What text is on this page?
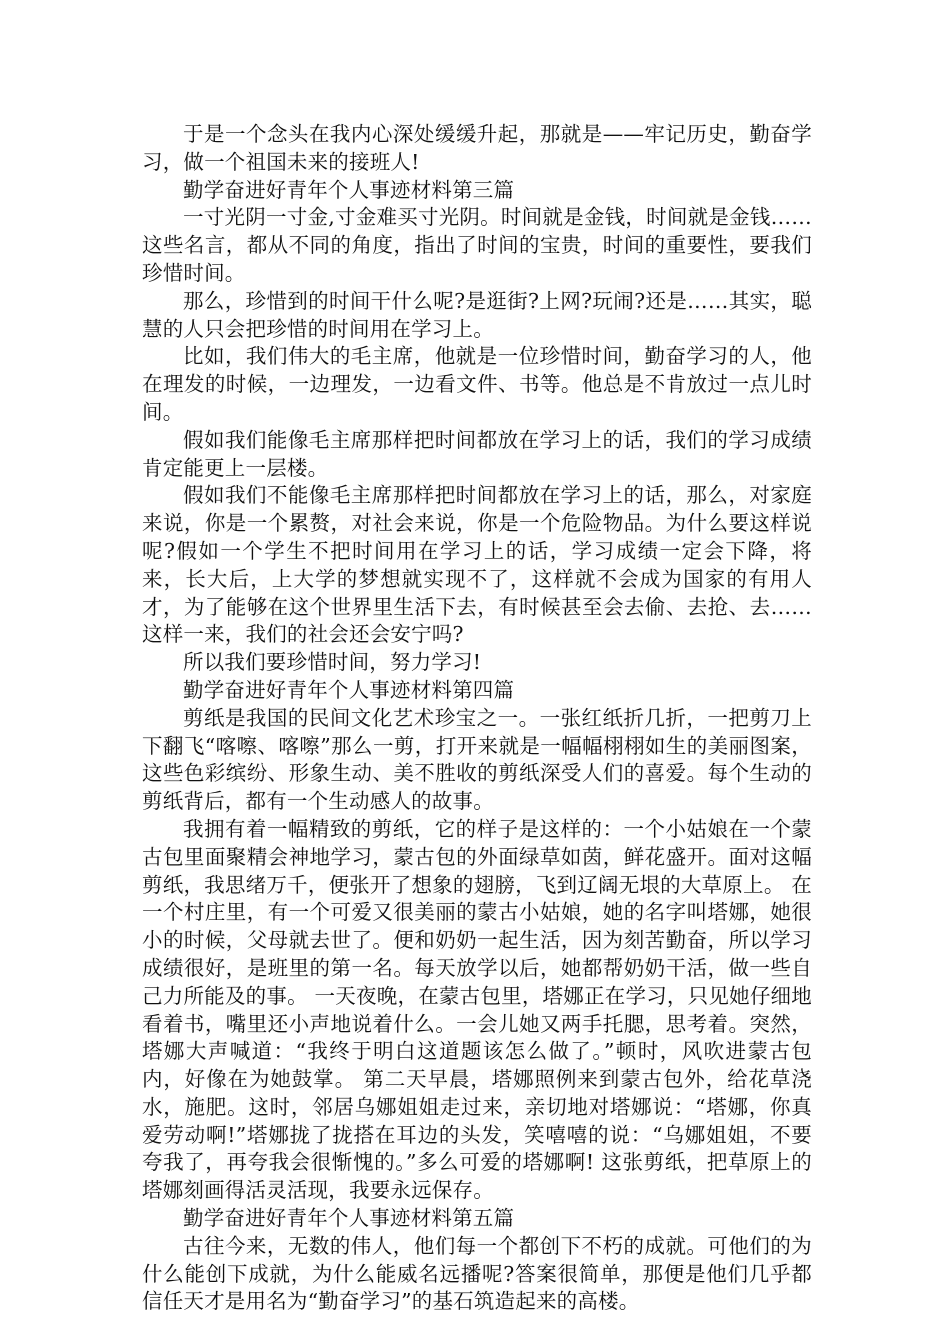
于是一个念头在我内心深处缓缓升起，那就是——牢记历史，勤奋学习，做一个祖国未来的接班人!

勤学奋进好青年个人事迹材料第三篇

一寸光阴一寸金,寸金难买寸光阴。时间就是金钱，时间就是金钱……这些名言，都从不同的角度，指出了时间的宝贵，时间的重要性，要我们珍惜时间。

那么，珍惜到的时间干什么呢?是逛街?上网?玩闹?还是……其实，聪慧的人只会把珍惜的时间用在学习上。

比如，我们伟大的毛主席，他就是一位珍惜时间，勤奋学习的人，他在理发的时候，一边理发，一边看文件、书等。他总是不肯放过一点儿时间。

假如我们能像毛主席那样把时间都放在学习上的话，我们的学习成绩肯定能更上一层楼。

假如我们不能像毛主席那样把时间都放在学习上的话，那么，对家庭来说，你是一个累赘，对社会来说，你是一个危险物品。为什么要这样说呢?假如一个学生不把时间用在学习上的话，学习成绩一定会下降，将来，长大后，上大学的梦想就实现不了，这样就不会成为国家的有用人才，为了能够在这个世界里生活下去，有时候甚至会去偷、去抢、去……这样一来，我们的社会还会安宁吗?

所以我们要珍惜时间，努力学习!

勤学奋进好青年个人事迹材料第四篇

剪纸是我国的民间文化艺术珍宝之一。一张红纸折几折，一把剪刀上下翻飞“喀嚓、喀嚓”那么一剪，打开来就是一幅幅栩栩如生的美丽图案，这些色彩缤纷、形象生动、美不胜收的剪纸深受人们的喜爱。每个生动的剪纸背后，都有一个生动感人的故事。

我拥有着一幅精致的剪纸，它的样子是这样的：一个小姑娘在一个蒙古包里面聚精会神地学习，蒙古包的外面绿草如茵，鲜花盛开。面对这幅剪纸，我思绪万千，便张开了想象的翅膀，飞到辽阔无垠的大草原上。 在一个村庄里，有一个可爱又很美丽的蒙古小姑娘，她的名字叫塔娜，她很小的时候，父母就去世了。便和奶奶一起生活，因为刻苦勤奋，所以学习成绩很好，是班里的第一名。每天放学以后，她都帮奶奶干活，做一些自己力所能及的事。 一天夜晚，在蒙古包里，塔娜正在学习，只见她仔细地看着书，嘴里还小声地说着什么。一会儿她又两手托腮，思考着。突然，塔娜大声喊道：“我终于明白这道题该怎么做了。”顿时，风吹进蒙古包内，好像在为她鼓掌。 第二天早晨，塔娜照例来到蒙古包外，给花草浇水，施肥。这时，邻居乌娜姐姐走过来，亲切地对塔娜说：“塔娜，你真爱劳动啊!”塔娜拢了拢搭在耳边的头发，笑嘻嘻的说：“乌娜姐姐，不要夸我了，再夸我会很惭愧的。”多么可爱的塔娜啊! 这张剪纸，把草原上的塔娜刻画得活灵活现，我要永远保存。

勤学奋进好青年个人事迹材料第五篇

古往今来，无数的伟人，他们每一个都创下不朽的成就。可他们的为什么能创下成就，为什么能威名远播呢?答案很简单，那便是他们几乎都信任天才是用名为“勤奋学习”的基石筑造起来的高楼。
